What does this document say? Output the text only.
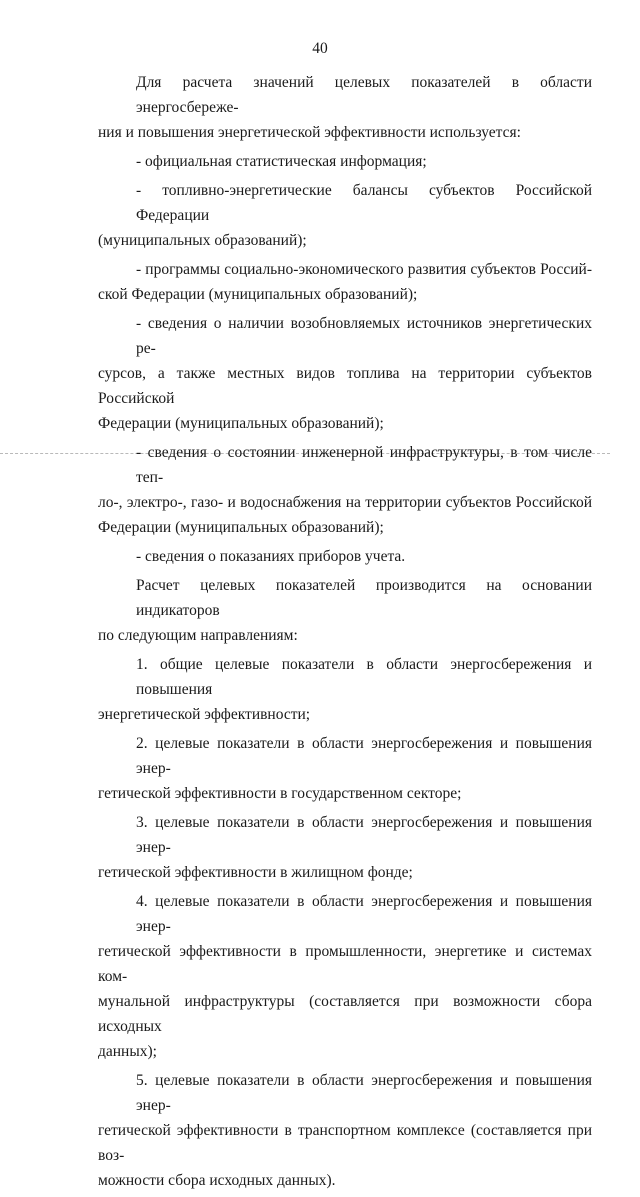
40
Для расчета значений целевых показателей в области энергосбереже-
ния и повышения энергетической эффективности используется:
- официальная статистическая информация;
- топливно-энергетические балансы субъектов Российской Федерации
(муниципальных образований);
- программы социально-экономического развития субъектов Россий-
ской Федерации (муниципальных образований);
- сведения о наличии возобновляемых источников энергетических ре-
сурсов, а также местных видов топлива на территории субъектов Российской
Федерации (муниципальных образований);
- сведения о состоянии инженерной инфраструктуры, в том числе теп-
ло-, электро-, газо- и водоснабжения на территории субъектов Российской
Федерации (муниципальных образований);
- сведения о показаниях приборов учета.
Расчет целевых показателей производится на основании индикаторов
по следующим направлениям:
1. общие целевые показатели в области энергосбережения и повышения
энергетической эффективности;
2. целевые показатели в области энергосбережения и повышения энер-
гетической эффективности в государственном секторе;
3. целевые показатели в области энергосбережения и повышения энер-
гетической эффективности в жилищном фонде;
4. целевые показатели в области энергосбережения и повышения энер-
гетической эффективности в промышленности, энергетике и системах ком-
мунальной инфраструктуры (составляется при возможности сбора исходных
данных);
5. целевые показатели в области энергосбережения и повышения энер-
гетической эффективности в транспортном комплексе (составляется при воз-
можности сбора исходных данных).
